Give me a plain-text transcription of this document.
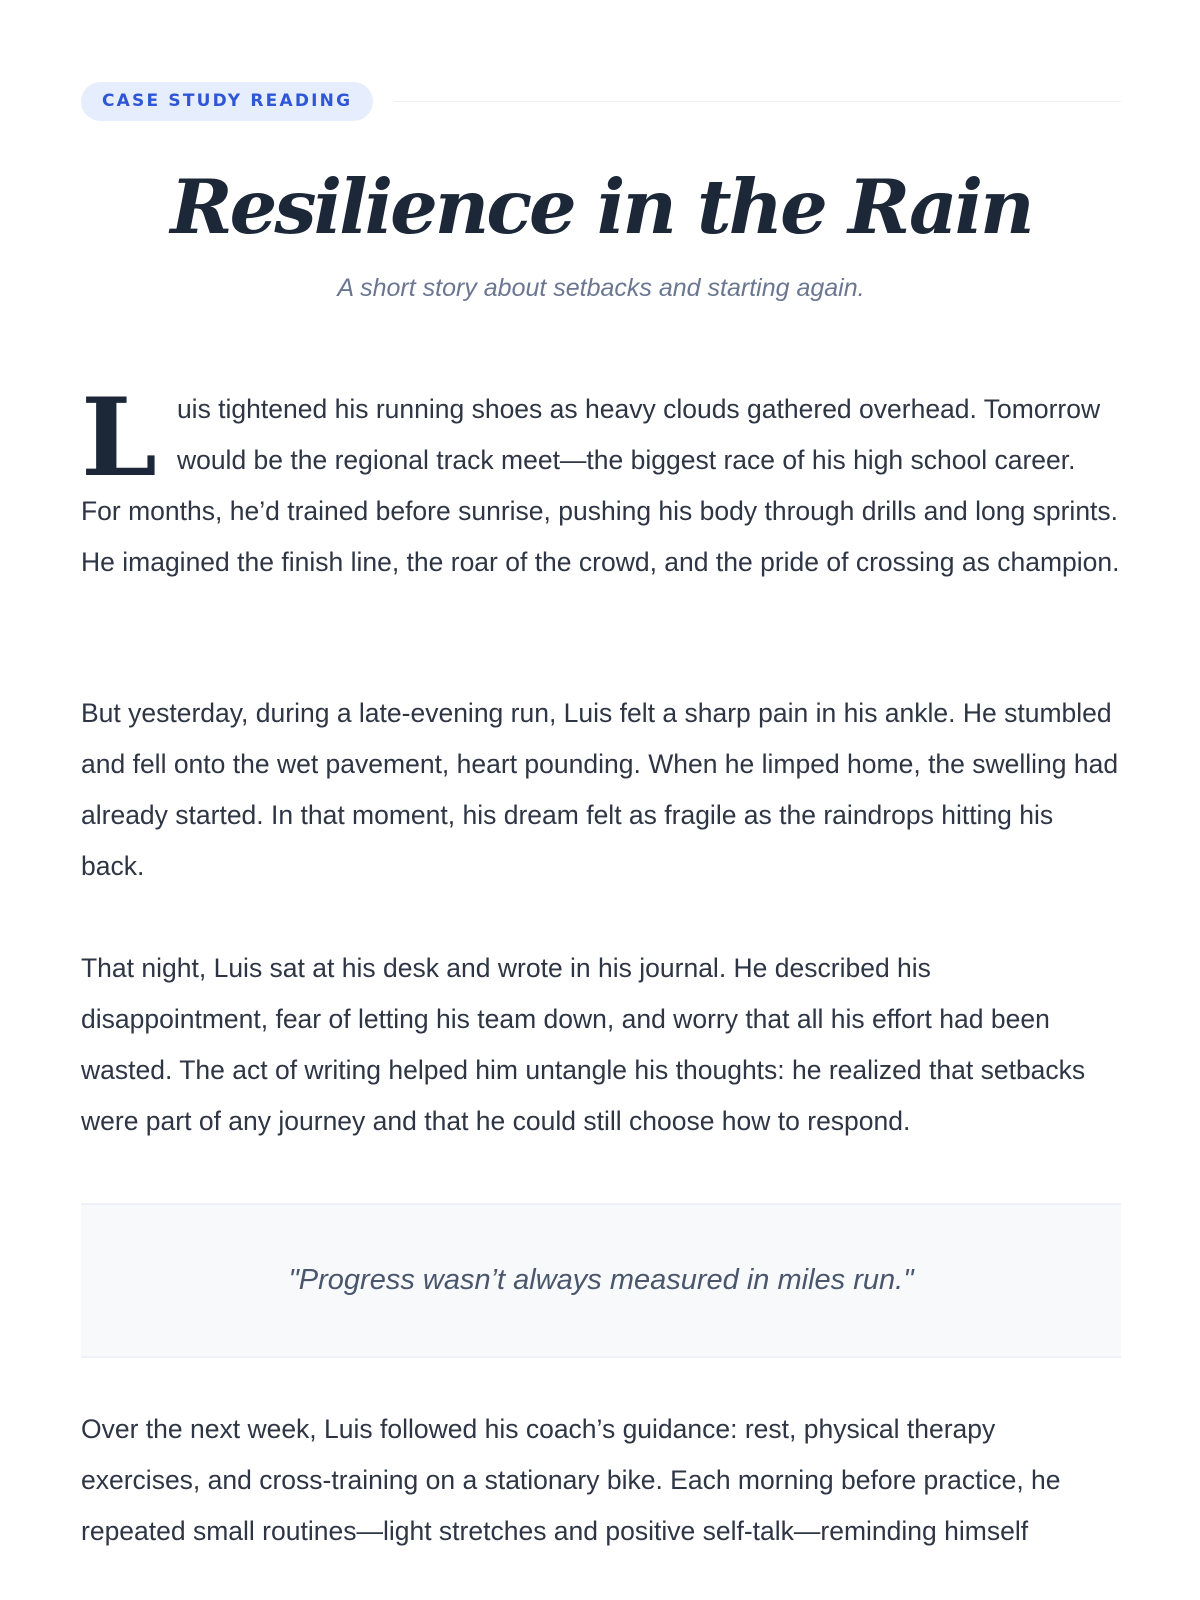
CASE STUDY READING
Resilience in the Rain
A short story about setbacks and starting again.

Luis tightened his running shoes as heavy clouds gathered overhead. Tomorrow would be the regional track meet—the biggest race of his high school career. For months, he’d trained before sunrise, pushing his body through drills and long sprints. He imagined the finish line, the roar of the crowd, and the pride of crossing as champion.

But yesterday, during a late-evening run, Luis felt a sharp pain in his ankle. He stumbled and fell onto the wet pavement, heart pounding. When he limped home, the swelling had already started. In that moment, his dream felt as fragile as the raindrops hitting his back.

That night, Luis sat at his desk and wrote in his journal. He described his disappointment, fear of letting his team down, and worry that all his effort had been wasted. The act of writing helped him untangle his thoughts: he realized that setbacks were part of any journey and that he could still choose how to respond.

"Progress wasn’t always measured in miles run."

Over the next week, Luis followed his coach’s guidance: rest, physical therapy exercises, and cross-training on a stationary bike. Each morning before practice, he repeated small routines—light stretches and positive self-talk—reminding himself
